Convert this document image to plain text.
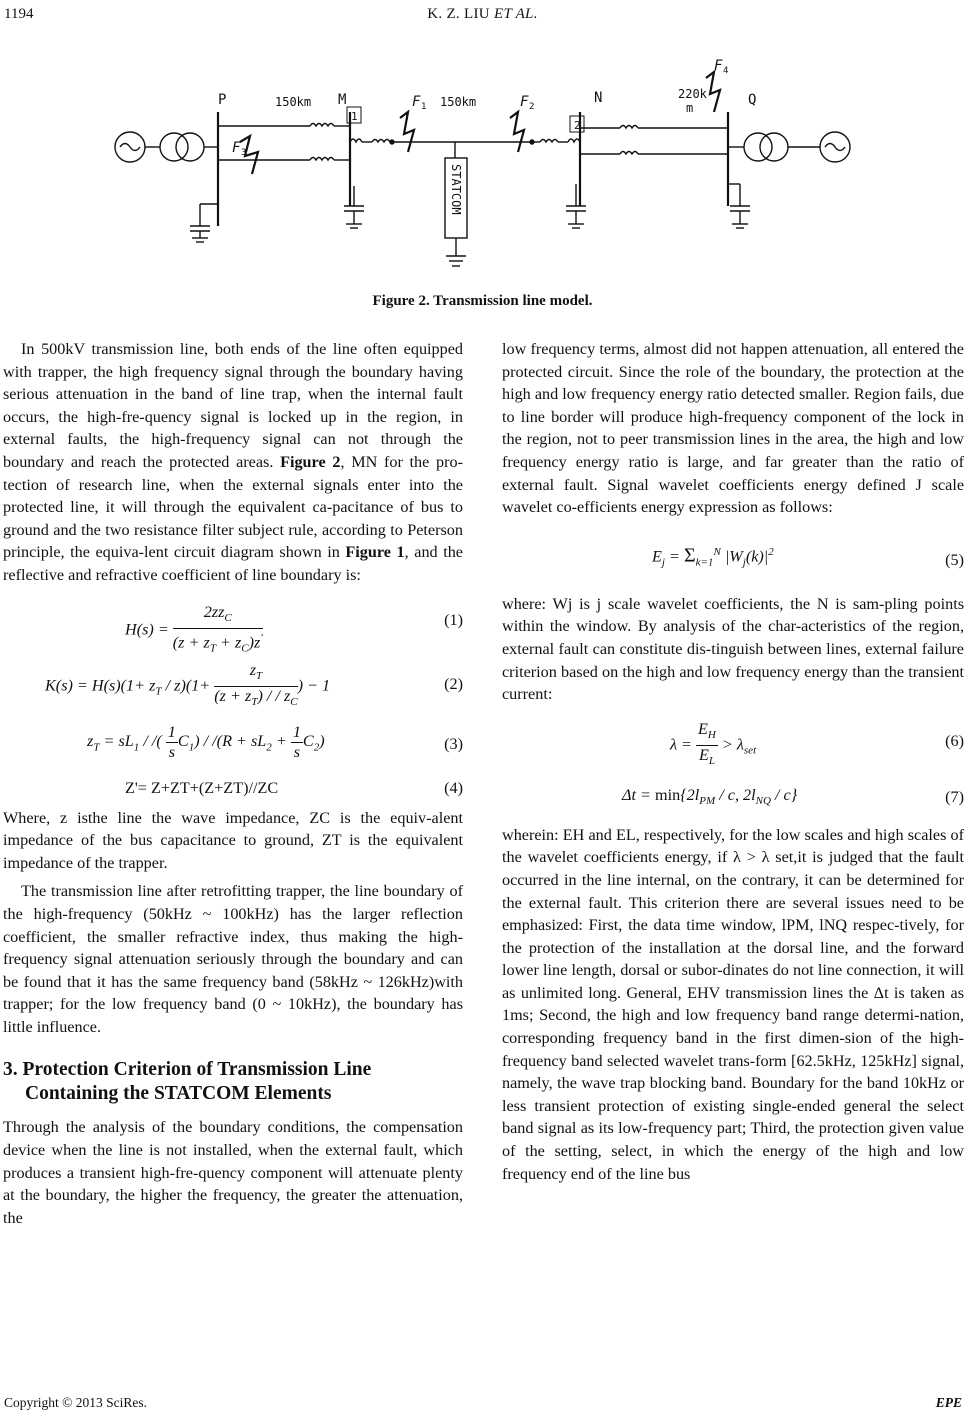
1194	K. Z. LIU ET AL.
P	150km M	150km	N	220k
m	Q
F 3
F 1	F 2
F 4
1
2
STATCOM
Figure 2. Transmission line model.

In 500kV transmission line, both ends of the line often equipped with trapper, the high frequency signal through the boundary having serious attenuation in the band of line trap, when the internal fault occurs, the high-fre-quency signal is locked up in the region, in external faults, the high-frequency signal can not through the boundary and reach the protected areas. Figure 2, MN for the pro-tection of research line, when the external signals enter into the protected line, it will through the equivalent ca-pacitance of bus to ground and the two resistance filter subject rule, according to Peterson principle, the equiva-lent circuit diagram shown in Figure 1, and the reflective and refractive coefficient of line boundary is:

$H(s) = \frac{2zz_C}{(z + z_T + z_C)z'}$	(1)
$K(s) = H(s)(1+ z_T / z)(1+ \frac{z_T}{(z + z_T) / / z_C}$ ) − 1	(2)
$z_T = sL_1$ / /( $\frac{1}{s} C_1) / /(R + sL_2 + \frac{1}{s} C_2)$	(3)
Z'= Z+ZT+(Z+ZT)//ZC	(4)

Where, z isthe line the wave impedance, ZC is the equiv-alent impedance of the bus capacitance to ground, ZT is the equivalent impedance of the trapper.

The transmission line after retrofitting trapper, the line boundary of the high-frequency (50kHz ~ 100kHz) has the larger reflection coefficient, the smaller refractive index, thus making the high-frequency signal attenuation seriously through the boundary and can be found that it has the same frequency band (58kHz ~ 126kHz)with trapper; for the low frequency band (0 ~ 10kHz), the boundary has little influence.

3. Protection Criterion of Transmission Line
Containing the STATCOM Elements

Through the analysis of the boundary conditions, the compensation device when the line is not installed, when the external fault, which produces a transient high-fre-quency component will attenuate plenty at the boundary, the higher the frequency, the greater the attenuation, the

low frequency terms, almost did not happen attenuation, all entered the protected circuit. Since the role of the boundary, the protection at the high and low frequency energy ratio detected smaller. Region fails, due to line border will produce high-frequency component of the lock in the region, not to peer transmission lines in the area, the high and low frequency energy ratio is large, and far greater than the ratio of external fault. Signal wavelet coefficients energy defined J scale wavelet co-efficients energy expression as follows:

$E_j = \Sigma_{k=1}^N$ $|W_j(k)|^2$	(5)

where: Wj is j scale wavelet coefficients, the N is sam-pling points within the window. By analysis of the char-acteristics of the region, external fault can constitute dis-tinguish between lines, external failure criterion based on the high and low frequency energy than the transient current:

$\lambda = \frac{E_H}{E_L} > \lambda_{set}$
(6)
$\Delta t = \min\{2l_{PM} / c$, $2l_{NQ} / c$}	(7)

wherein: EH and EL, respectively, for the low scales and high scales of the wavelet coefficients energy, if λ > λ set,it is judged that the fault occurred in the line internal, on the contrary, it can be determined for the external fault. This criterion there are several issues need to be emphasized: First, the data time window, lPM, lNQ respec-tively, for the protection of the installation at the dorsal line, and the forward lower line length, dorsal or subor-dinates do not line connection, it will as unlimited long. General, EHV transmission lines the Δt is taken as 1ms; Second, the high and low frequency band range determi-nation, corresponding frequency band in the first dimen-sion of the high-frequency band selected wavelet trans-form [62.5kHz, 125kHz] signal, namely, the wave trap blocking band. Boundary for the band 10kHz or less transient protection of existing single-ended general the select band signal as its low-frequency part; Third, the protection given value of the setting, select, in which the energy of the high and low frequency end of the line bus

Copyright © 2013 SciRes.	EPE
